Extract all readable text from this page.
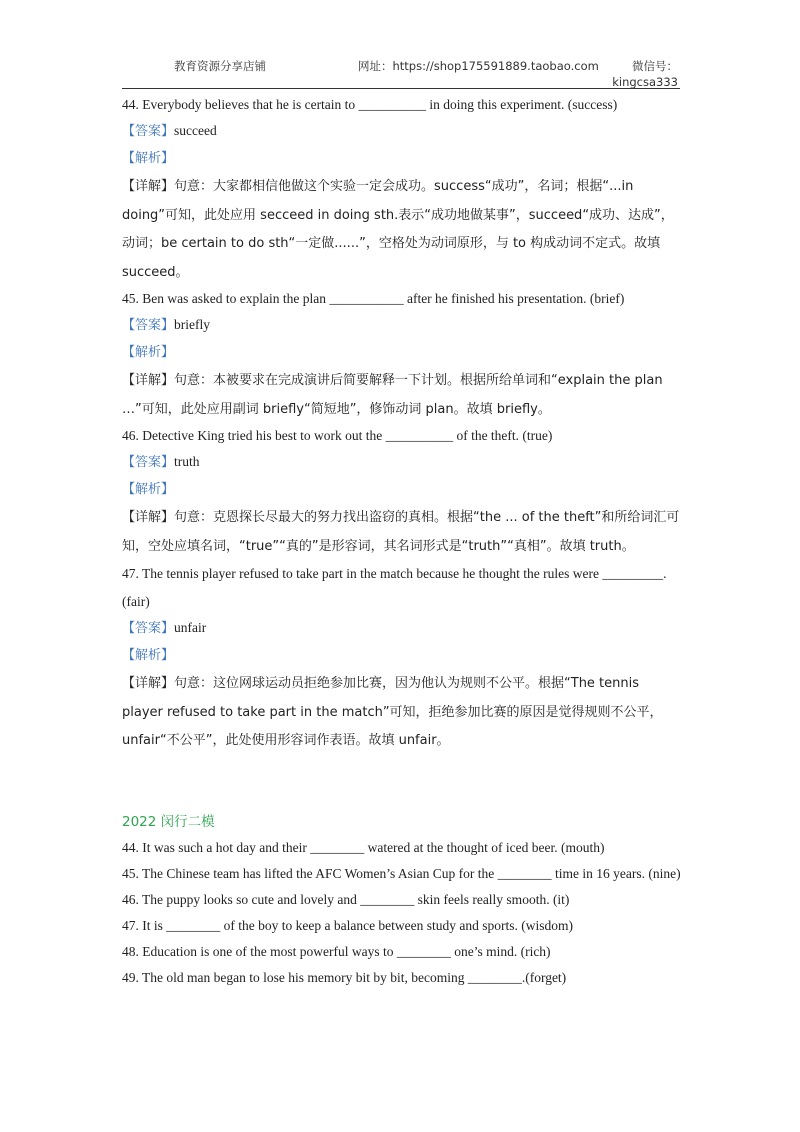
教育资源分享店铺	网址：https://shop175591889.taobao.com	微信号：
kingcsa333
44. Everybody believes that he is certain to __________ in doing this experiment. (success)
【答案】succeed
【解析】
【详解】句意：大家都相信他做这个实验一定会成功。success“成功”，名词；根据“...in doing”可知，此处应用 secceed in doing sth.表示“成功地做某事”，succeed“成功、达成”，动词；be certain to do sth“一定做......”，空格处为动词原形，与 to 构成动词不定式。故填 succeed。
45. Ben was asked to explain the plan ___________ after he finished his presentation. (brief)
【答案】briefly
【解析】
【详解】句意：本被要求在完成演讲后简要解释一下计划。根据所给单词和“explain the plan …”可知，此处应用副词 briefly“简短地”，修饰动词 plan。故填 briefly。
46. Detective King tried his best to work out the __________ of the theft. (true)
【答案】truth
【解析】
【详解】句意：克恩探长尽最大的努力找出盗窃的真相。根据“the ... of the theft”和所给词汇可知，空处应填名词，“true”“真的”是形容词，其名词形式是“truth”“真相”。故填 truth。
47. The tennis player refused to take part in the match because he thought the rules were _________. (fair)
【答案】unfair
【解析】
【详解】句意：这位网球运动员拒绝参加比赛，因为他认为规则不公平。根据“The tennis player refused to take part in the match”可知，拒绝参加比赛的原因是觉得规则不公平，unfair“不公平”，此处使用形容词作表语。故填 unfair。
2022 闵行二模
44. It was such a hot day and their ________ watered at the thought of iced beer. (mouth)
45. The Chinese team has lifted the AFC Women’s Asian Cup for the ________ time in 16 years. (nine)
46. The puppy looks so cute and lovely and ________ skin feels really smooth. (it)
47. It is ________ of the boy to keep a balance between study and sports. (wisdom)
48. Education is one of the most powerful ways to ________ one’s mind. (rich)
49. The old man began to lose his memory bit by bit, becoming ________.(forget)
